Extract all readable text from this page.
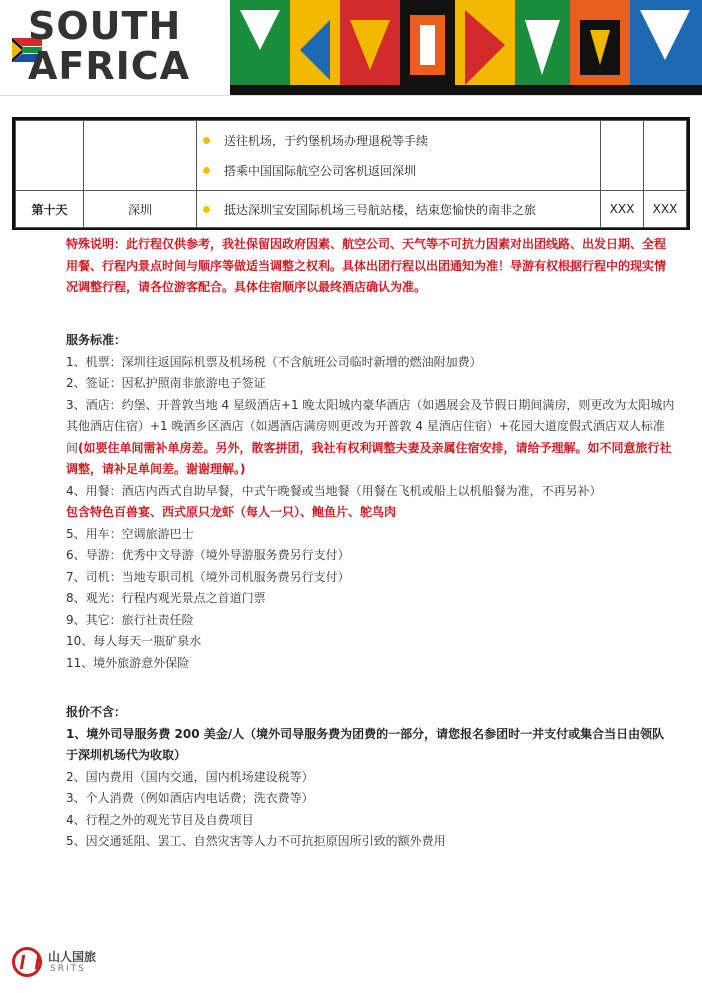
SOUTH
AFRICA

		送往机场，于约堡机场办理退税等手续
搭乘中国国际航空公司客机返回深圳		

第十天	深圳	抵达深圳宝安国际机场三号航站楼，结束您愉快的南非之旅	XXX	XXX
特殊说明：此行程仅供参考，我社保留因政府因素、航空公司、天气等不可抗力因素对出团线路、出发日期、全程用餐、行程内景点时间与顺序等做适当调整之权利。具体出团行程以出团通知为准！导游有权根据行程中的现实情况调整行程，请各位游客配合。具体住宿顺序以最终酒店确认为准。

服务标准：

1、机票：深圳往返国际机票及机场税（不含航班公司临时新增的燃油附加费）

2、签证：因私护照南非旅游电子签证

3、酒店：约堡、开普敦当地 4 星级酒店+1 晚太阳城内豪华酒店（如遇展会及节假日期间满房，则更改为太阳城内其他酒店住宿）+1 晚酒乡区酒店（如遇酒店满房则更改为开普敦 4 星酒店住宿）+花园大道度假式酒店双人标准间(如要住单间需补单房差。另外，散客拼团，我社有权利调整夫妻及亲属住宿安排，请给予理解。如不同意旅行社调整，请补足单间差。谢谢理解。)

4、用餐：酒店内西式自助早餐，中式午晚餐或当地餐（用餐在飞机或船上以机船餐为准，不再另补）

包含特色百兽宴、西式原只龙虾（每人一只）、鲍鱼片、鸵鸟肉

5、用车：空调旅游巴士

6、导游：优秀中文导游（境外导游服务费另行支付）

7、司机：当地专职司机（境外司机服务费另行支付）

8、观光：行程内观光景点之首道门票

9、其它：旅行社责任险

10、每人每天一瓶矿泉水

11、境外旅游意外保险

报价不含：

1、境外司导服务费 200 美金/人（境外司导服务费为团费的一部分，请您报名参团时一并支付或集合当日由领队于深圳机场代为收取）

2、国内费用（国内交通，国内机场建设税等）

3、个人消费（例如酒店内电话费；洗衣费等）

4、行程之外的观光节目及自费项目

5、因交通延阻、罢工、自然灾害等人力不可抗拒原因所引致的额外费用

山人国旅
SRITS
